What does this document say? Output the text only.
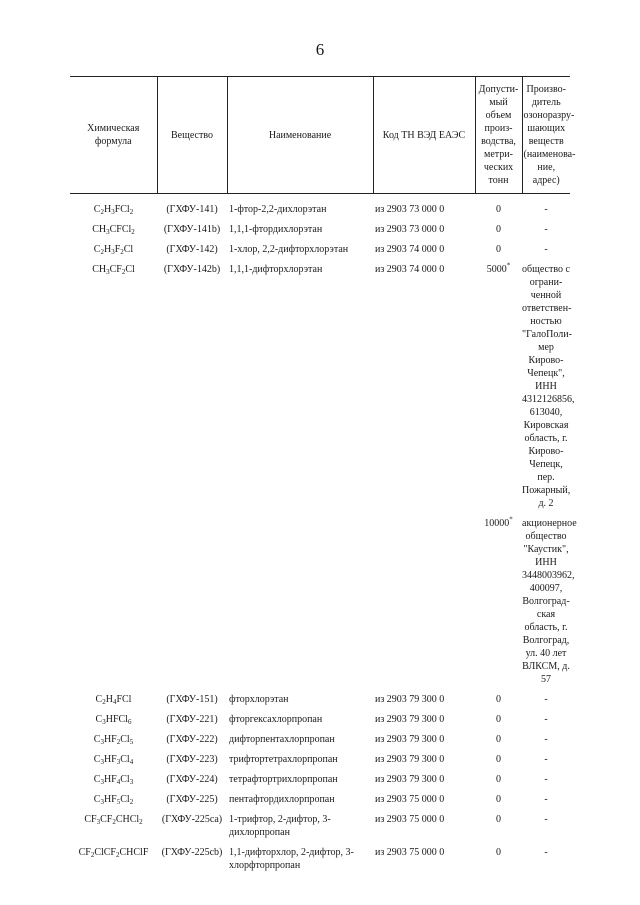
6
Химическая формула	Вещество	Наименование	Код ТН ВЭД ЕАЭС	Допусти-мый объем произ-водства, метри-ческих тонн	Произво-дитель озоноразру-шающих веществ (наименова-ние, адрес)
$C_2H_3FCl_2$	(ГХФУ-141)	1-фтор-2,2-дихлорэтан	из 2903 73 000 0	0	-
$CH_3CFCl_2$	(ГХФУ-141b)	1,1,1-фтордихлорэтан	из 2903 73 000 0	0	-
$C_2H_3F_2Cl$	(ГХФУ-142)	1-хлор, 2,2-дифторхлорэтан	из 2903 74 000 0	0	-
$CH_3CF_2Cl$	(ГХФУ-142b)	1,1,1-дифторхлорэтан	из 2903 74 000 0	5000*	общество с ограни-ченной ответствен-ностью "ГалоПоли-мер Кирово-Чепецк", ИНН 4312126856, 613040, Кировская область, г. Кирово-Чепецк, пер. Пожарный, д. 2
				10000*	акционерное общество "Каустик", ИНН 3448003962, 400097, Волгоград-ская область, г. Волгоград, ул. 40 лет ВЛКСМ, д. 57
$C_2H_4FCl$	(ГХФУ-151)	фторхлорэтан	из 2903 79 300 0	0	-
$C_3HFCl_6$	(ГХФУ-221)	фторгексахлорпропан	из 2903 79 300 0	0	-
$C_3HF_2Cl_5$	(ГХФУ-222)	дифторпентахлорпропан	из 2903 79 300 0	0	-
$C_3HF_3Cl_4$	(ГХФУ-223)	трифтортетрахлорпропан	из 2903 79 300 0	0	-
$C_3HF_4Cl_3$	(ГХФУ-224)	тетрафтортрихлорпропан	из 2903 79 300 0	0	-
$C_3HF_5Cl_2$	(ГХФУ-225)	пентафтордихлорпропан	из 2903 75 000 0	0	-
$CF_3CF_2CHCl_2$	(ГХФУ-225ca)	1-трифтор, 2-дифтор, 3-дихлорпропан	из 2903 75 000 0	0	-
$CF_2ClCF_2CHClF$	(ГХФУ-225cb)	1,1-дифторхлор, 2-дифтор, 3-хлорфторпропан	из 2903 75 000 0	0	-
